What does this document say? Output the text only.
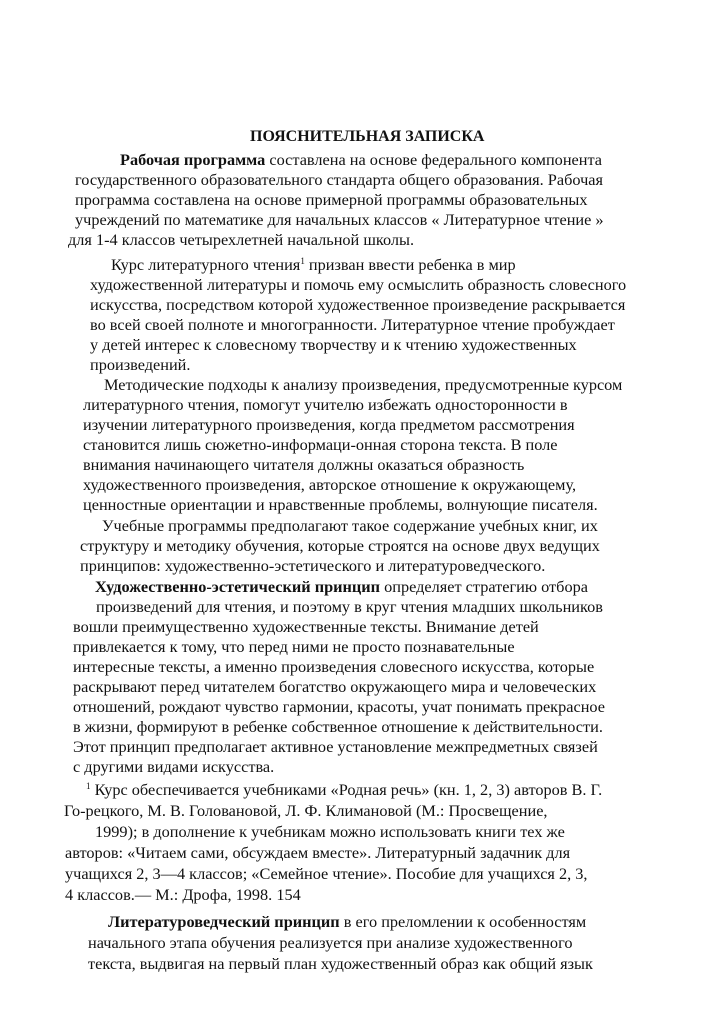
ПОЯСНИТЕЛЬНАЯ ЗАПИСКА
Рабочая программа составлена на основе федерального компонента
государственного образовательного стандарта общего образования. Рабочая
программа составлена на основе примерной программы образовательных
учреждений по математике для начальных классов « Литературное чтение »
для 1-4 классов четырехлетней начальной школы.
Курс литературного чтения$^1$ призван ввести ребенка в мир
художественной литературы и помочь ему осмыслить образность словесного
искусства, посредством которой художественное произведение раскрывается
во всей своей полноте и многогранности. Литературное чтение пробуждает
у детей интерес к словесному творчеству и к чтению художественных
произведений.
Методические подходы к анализу произведения, предусмотренные курсом
литературного чтения, помогут учителю избежать односторонности в
изучении литературного произведения, когда предметом рассмотрения
становится лишь сюжетно-информаци-онная сторона текста. В поле
внимания начинающего читателя должны оказаться образность
художественного произведения, авторское отношение к окружающему,
ценностные ориентации и нравственные проблемы, волнующие писателя.
Учебные программы предполагают такое содержание учебных книг, их
структуру и методику обучения, которые строятся на основе двух ведущих
принципов: художественно-эстетического и литературоведческого.
Художественно-эстетический принцип определяет стратегию отбора
произведений для чтения, и поэтому в круг чтения младших школьников
вошли преимущественно художественные тексты. Внимание детей
привлекается к тому, что перед ними не просто познавательные
интересные тексты, а именно произведения словесного искусства, которые
раскрывают перед читателем богатство окружающего мира и человеческих
отношений, рождают чувство гармонии, красоты, учат понимать прекрасное
в жизни, формируют в ребенке собственное отношение к действительности.
Этот принцип предполагает активное установление межпредметных связей
с другими видами искусства.
$^1$ Курс обеспечивается учебниками «Родная речь» (кн. 1, 2, 3) авторов В. Г.
Го-рецкого, М. В. Головановой, Л. Ф. Климановой (М.: Просвещение,
1999); в дополнение к учебникам можно использовать книги тех же
авторов: «Читаем сами, обсуждаем вместе». Литературный задачник для
учащихся 2, 3—4 классов; «Семейное чтение». Пособие для учащихся 2, 3,
4 классов.— М.: Дрофа, 1998. 154
Литературоведческий принцип в его преломлении к особенностям
начального этапа обучения реализуется при анализе художественного
текста, выдвигая на первый план художественный образ как общий язык
